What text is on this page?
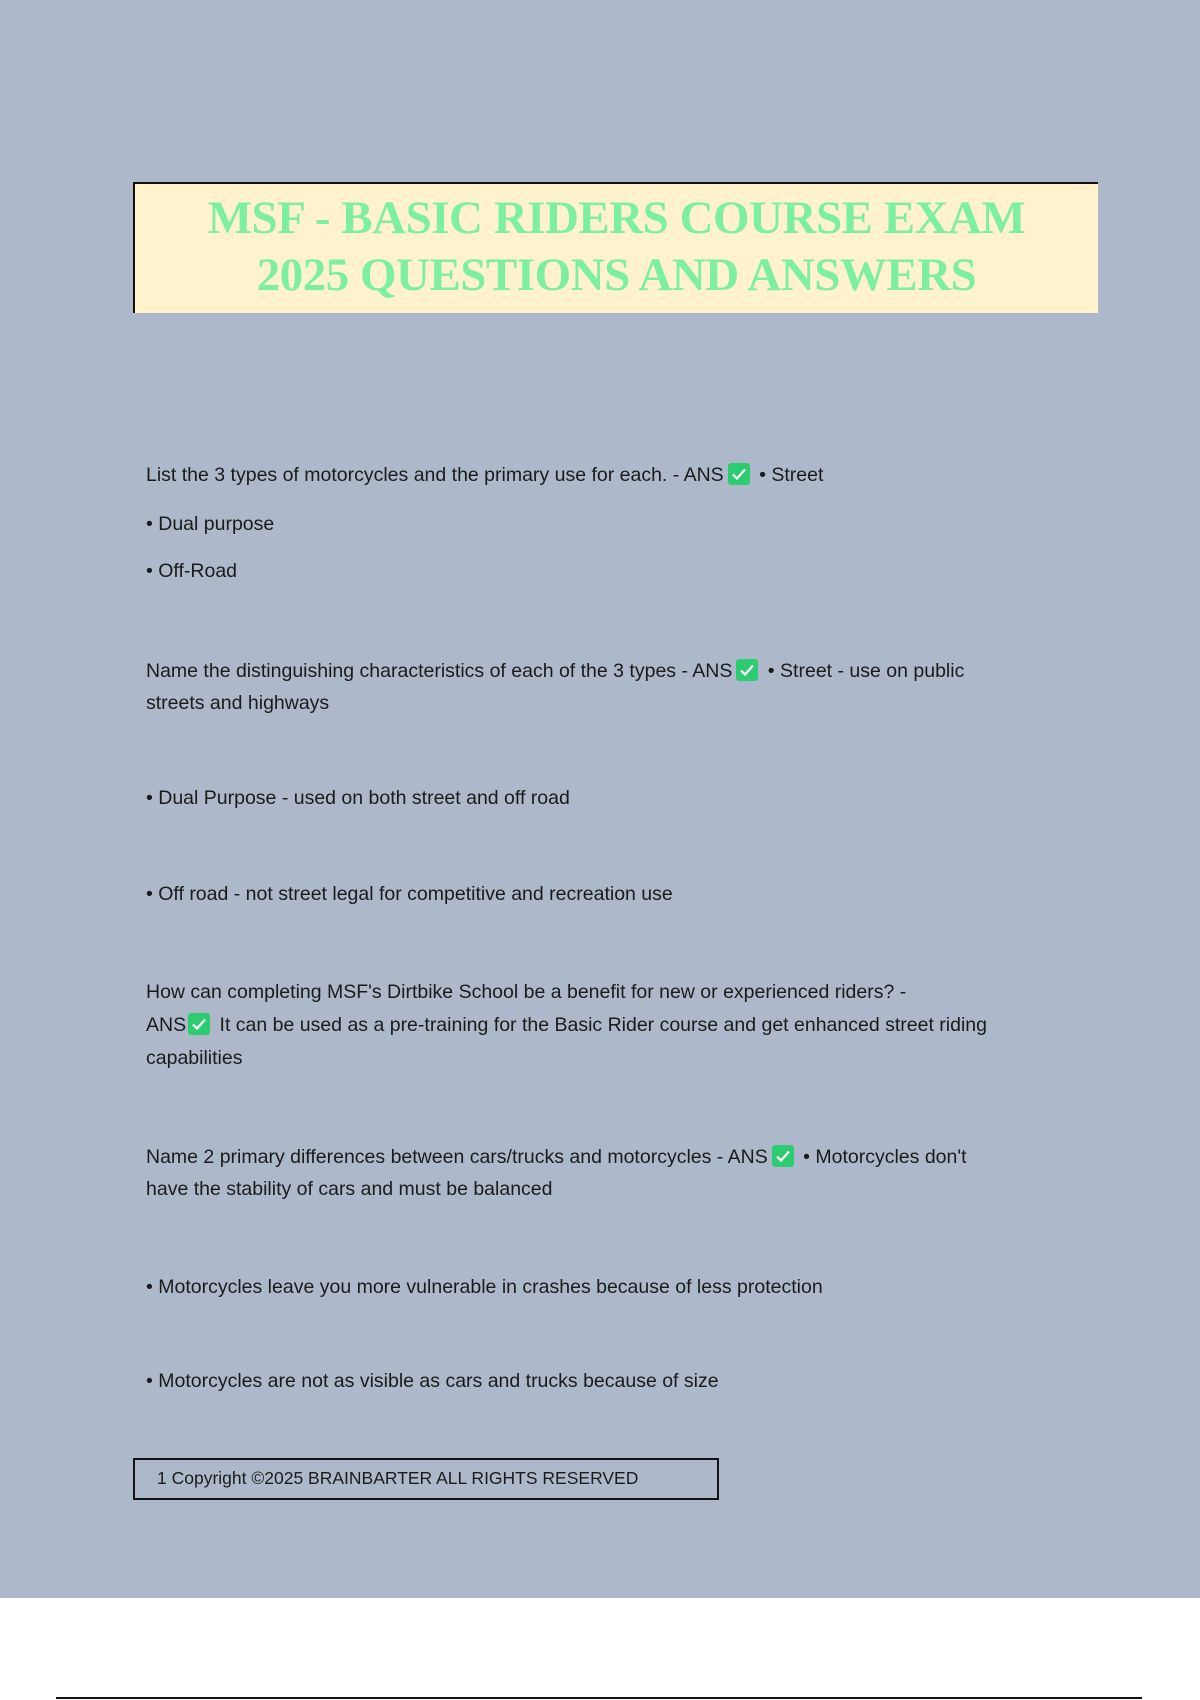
MSF - BASIC RIDERS COURSE EXAM
2025 QUESTIONS AND ANSWERS
List the 3 types of motorcycles and the primary use for each. - ANS
• Street
• Dual purpose
• Off-Road
Name the distinguishing characteristics of each of the 3 types - ANS
• Street - use on public
streets and highways
• Dual Purpose - used on both street and off road
• Off road - not street legal for competitive and recreation use
How can completing MSF's Dirtbike School be a benefit for new or experienced riders? -
ANS
It can be used as a pre-training for the Basic Rider course and get enhanced street riding
capabilities
Name 2 primary differences between cars/trucks and motorcycles - ANS
• Motorcycles don't
have the stability of cars and must be balanced
• Motorcycles leave you more vulnerable in crashes because of less protection
• Motorcycles are not as visible as cars and trucks because of size
1 Copyright ©2025 BRAINBARTER ALL RIGHTS RESERVED
